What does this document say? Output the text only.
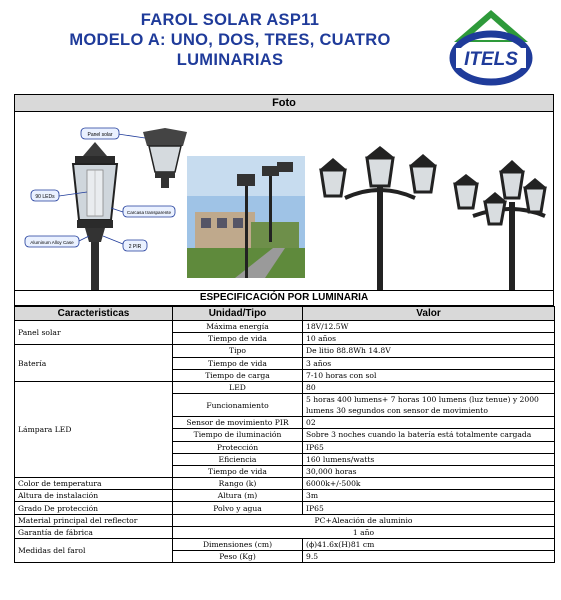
FAROL SOLAR ASP11
MODELO A: UNO, DOS, TRES, CUATRO
LUMINARIAS	ITELS
Foto
Panel solar
90 LEDs
Carcasa transparente
Aluminum Alloy Case
2 PIR
ESPECIFICACIÓN POR LUMINARIA
Caracteristicas	Unidad/Tipo	Valor
Panel solar	Máxima energía	18V/12.5W
	Tiempo de vida	10 años
Batería	Tipo	De litio 88.8Wh 14.8V
	Tiempo de vida	3 años
	Tiempo de carga	7-10 horas con sol
Lámpara LED	LED	80
	Funcionamiento	5 horas 400 lumens+ 7 horas 100 lumens (luz tenue) y 2000 lumens 30 segundos con sensor de movimiento
	Sensor de movimiento PIR	02
	Tiempo de iluminación	Sobre 3 noches cuando la batería está totalmente cargada
	Protección	IP65
	Eficiencia	160 lumens/watts
	Tiempo de vida	30,000 horas
Color de temperatura	Rango (k)	6000k+/-500k
Altura de instalación	Altura (m)	3m
Grado De protección	Polvo y agua	IP65
Material principal del reflector	PC+Aleación de aluminio	
Garantía de fábrica	1 año	
Medidas del farol	Dimensiones (cm)	(ϕ)41.6x(H)81 cm
	Peso (Kg)	9.5
